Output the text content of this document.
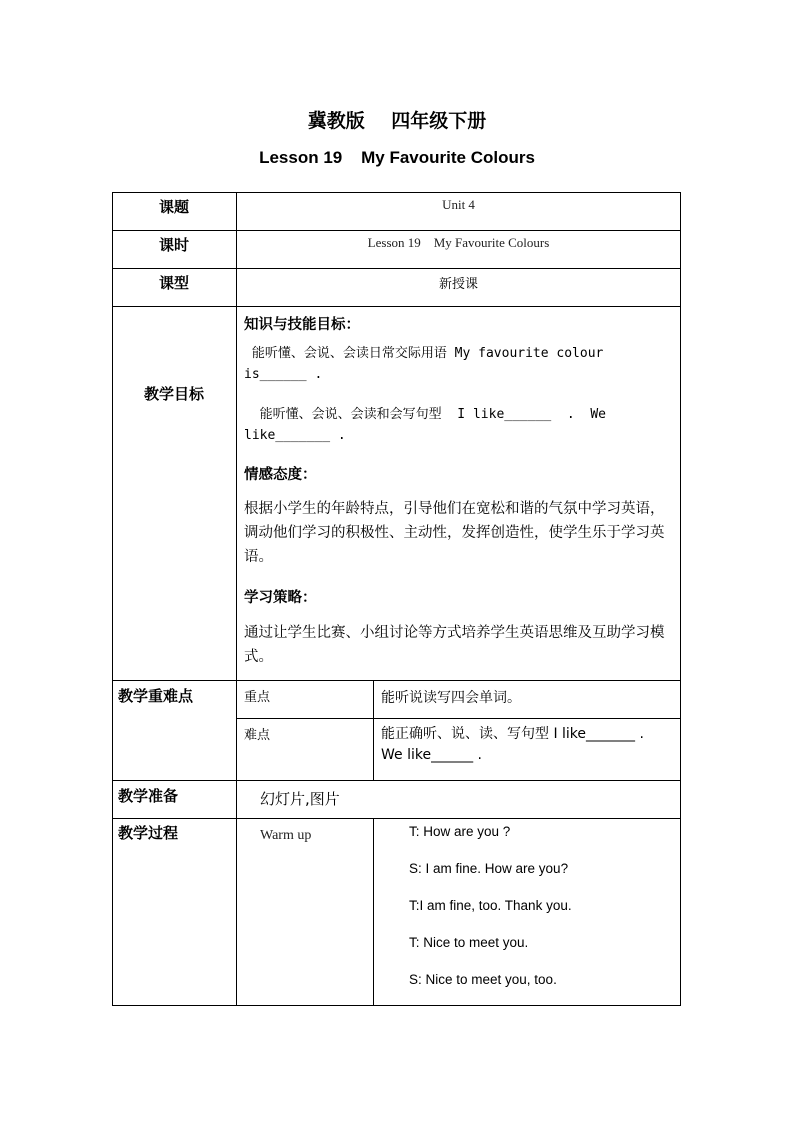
冀教版 四年级下册
Lesson 19    My Favourite Colours
课题	Unit 4
课时	Lesson 19    My Favourite Colours
课型	新授课
教学目标
知识与技能目标：
能听懂、会说、会读日常交际用语 My favourite colour
is______ .
能听懂、会说、会读和会写句型  I like______  .  We
like_______ .
情感态度：
根据小学生的年龄特点，引导他们在宽松和谐的气氛中学习英语，调动他们学习的积极性、主动性，发挥创造性，使学生乐于学习英语。
学习策略：
通过让学生比赛、小组讨论等方式培养学生英语思维及互助学习模式。
教学重难点	重点	能听说读写四会单词。
难点	能正确听、说、读、写句型 I like_______ .
We like______ .
教学准备	幻灯片,图片
教学过程	Warm up	T: How are you ?
S: I am fine. How are you?
T:I am fine, too. Thank you.
T: Nice to meet you.
S: Nice to meet you, too.
